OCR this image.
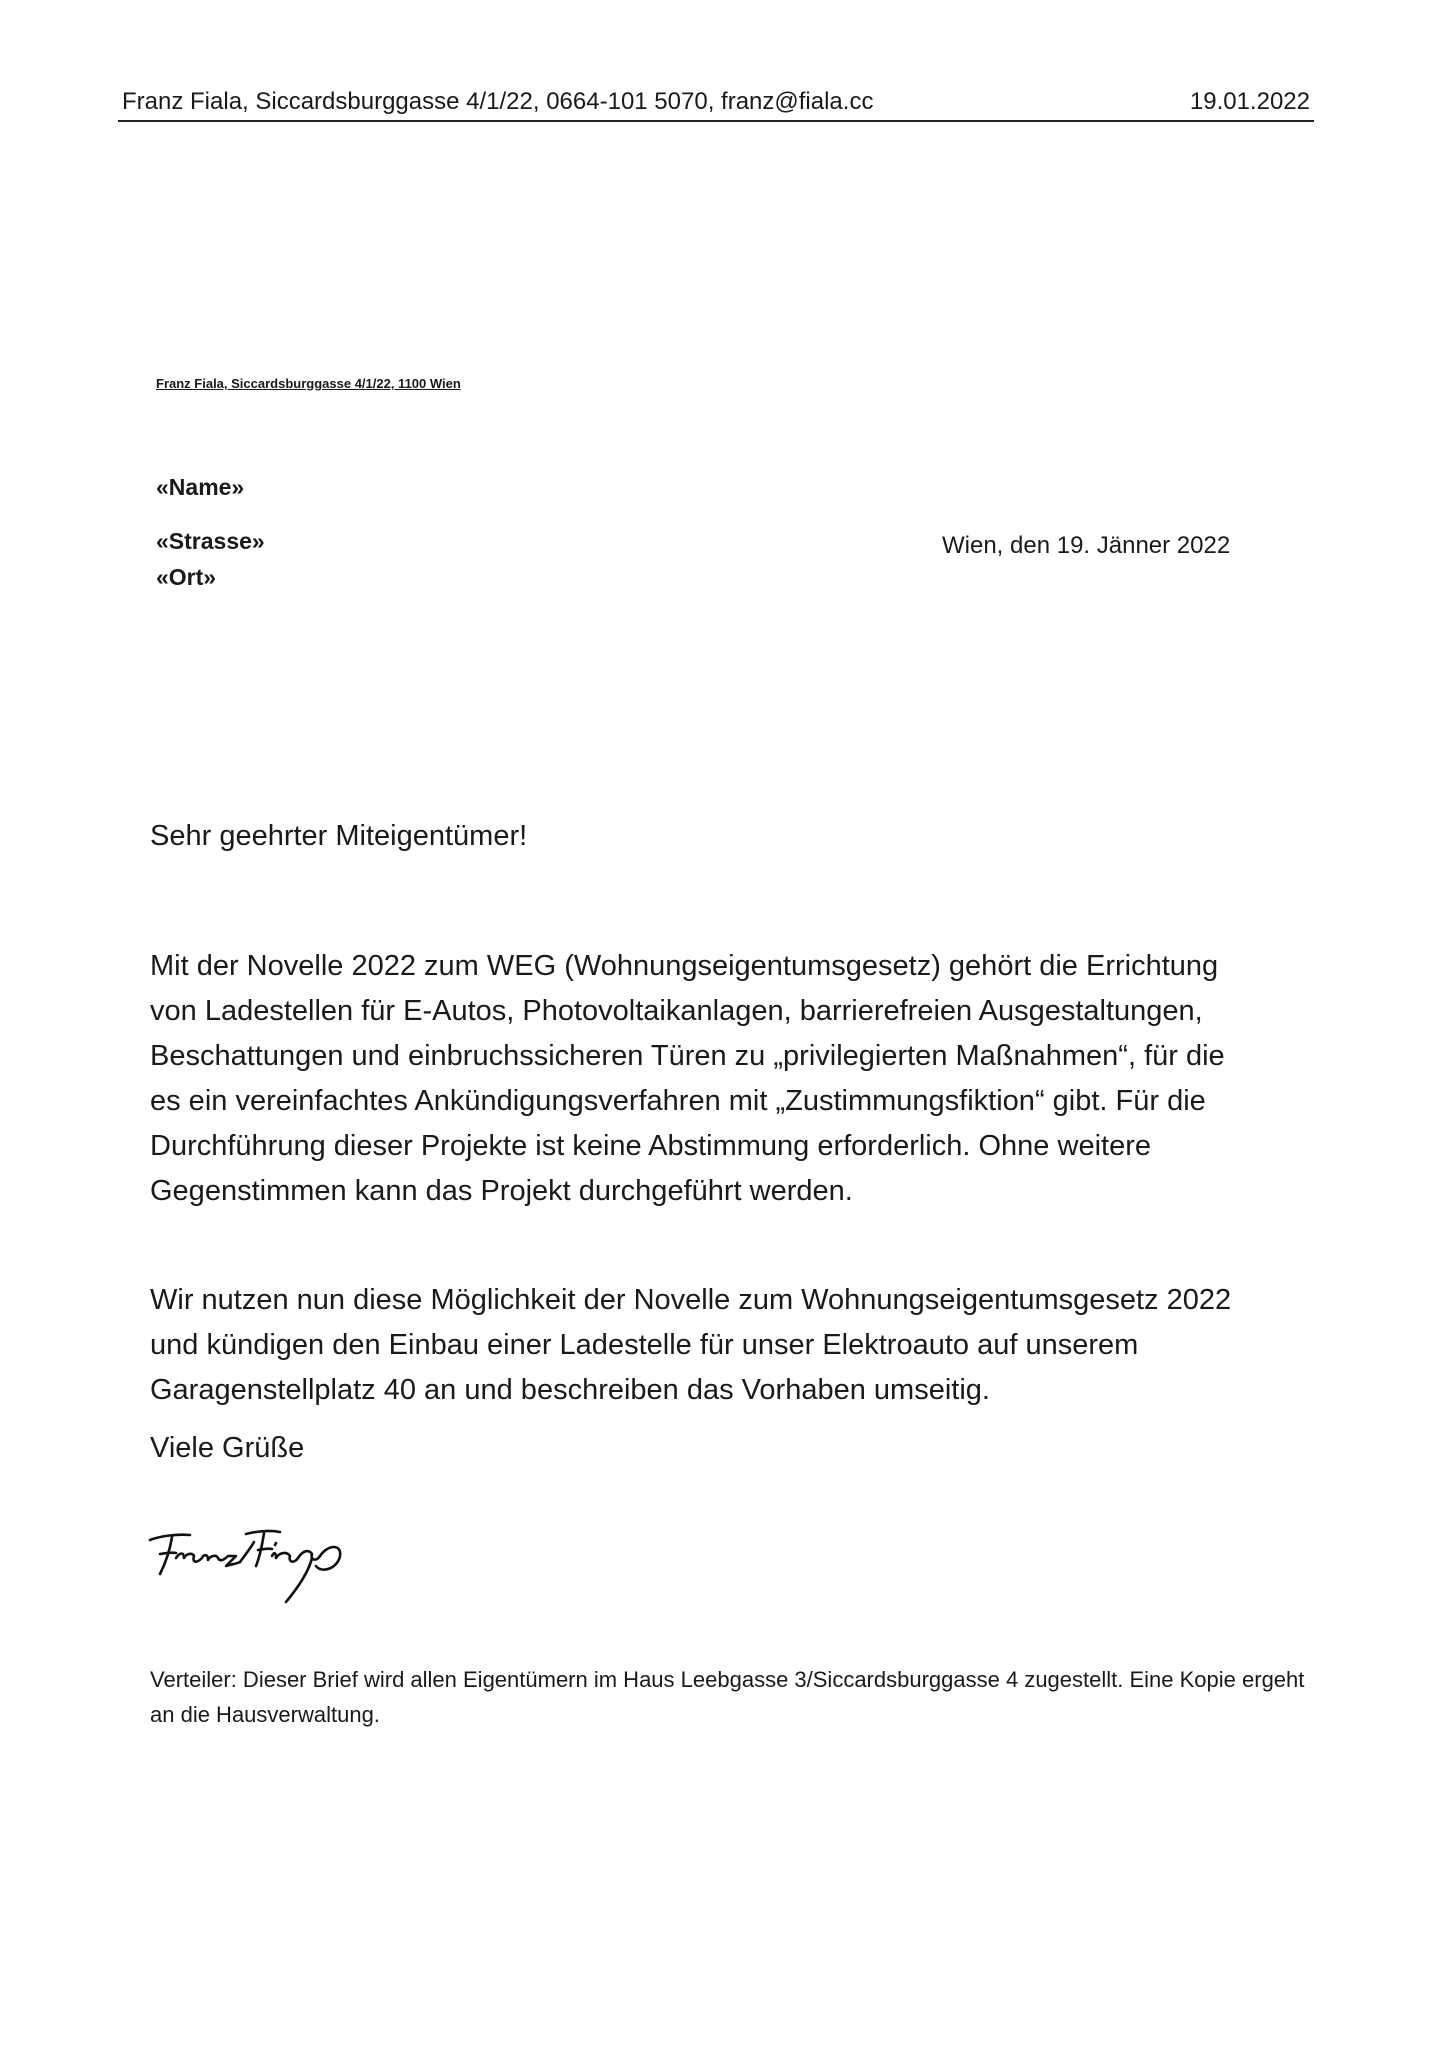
Franz Fiala, Siccardsburggasse 4/1/22, 0664-101 5070, franz@fiala.cc	19.01.2022
Franz Fiala, Siccardsburggasse 4/1/22, 1100 Wien
«Name»
«Strasse»
«Ort»
Wien, den 19. Jänner 2022
Sehr geehrter Miteigentümer!

Mit der Novelle 2022 zum WEG (Wohnungseigentumsgesetz) gehört die Errichtung von Ladestellen für E-Autos, Photovoltaikanlagen, barrierefreien Ausgestaltungen, Beschattungen und einbruchssicheren Türen zu „privilegierten Maßnahmen“, für die es ein vereinfachtes Ankündigungsverfahren mit „Zustimmungsfiktion“ gibt. Für die Durchführung dieser Projekte ist keine Abstimmung erforderlich. Ohne weitere Gegenstimmen kann das Projekt durchgeführt werden.

Wir nutzen nun diese Möglichkeit der Novelle zum Wohnungseigentumsgesetz 2022 und kündigen den Einbau einer Ladestelle für unser Elektroauto auf unserem Garagenstellplatz 40 an und beschreiben das Vorhaben umseitig.

Viele Grüße

Verteiler: Dieser Brief wird allen Eigentümern im Haus Leebgasse 3/Siccardsburggasse 4 zugestellt. Eine Kopie ergeht an die Hausverwaltung.
